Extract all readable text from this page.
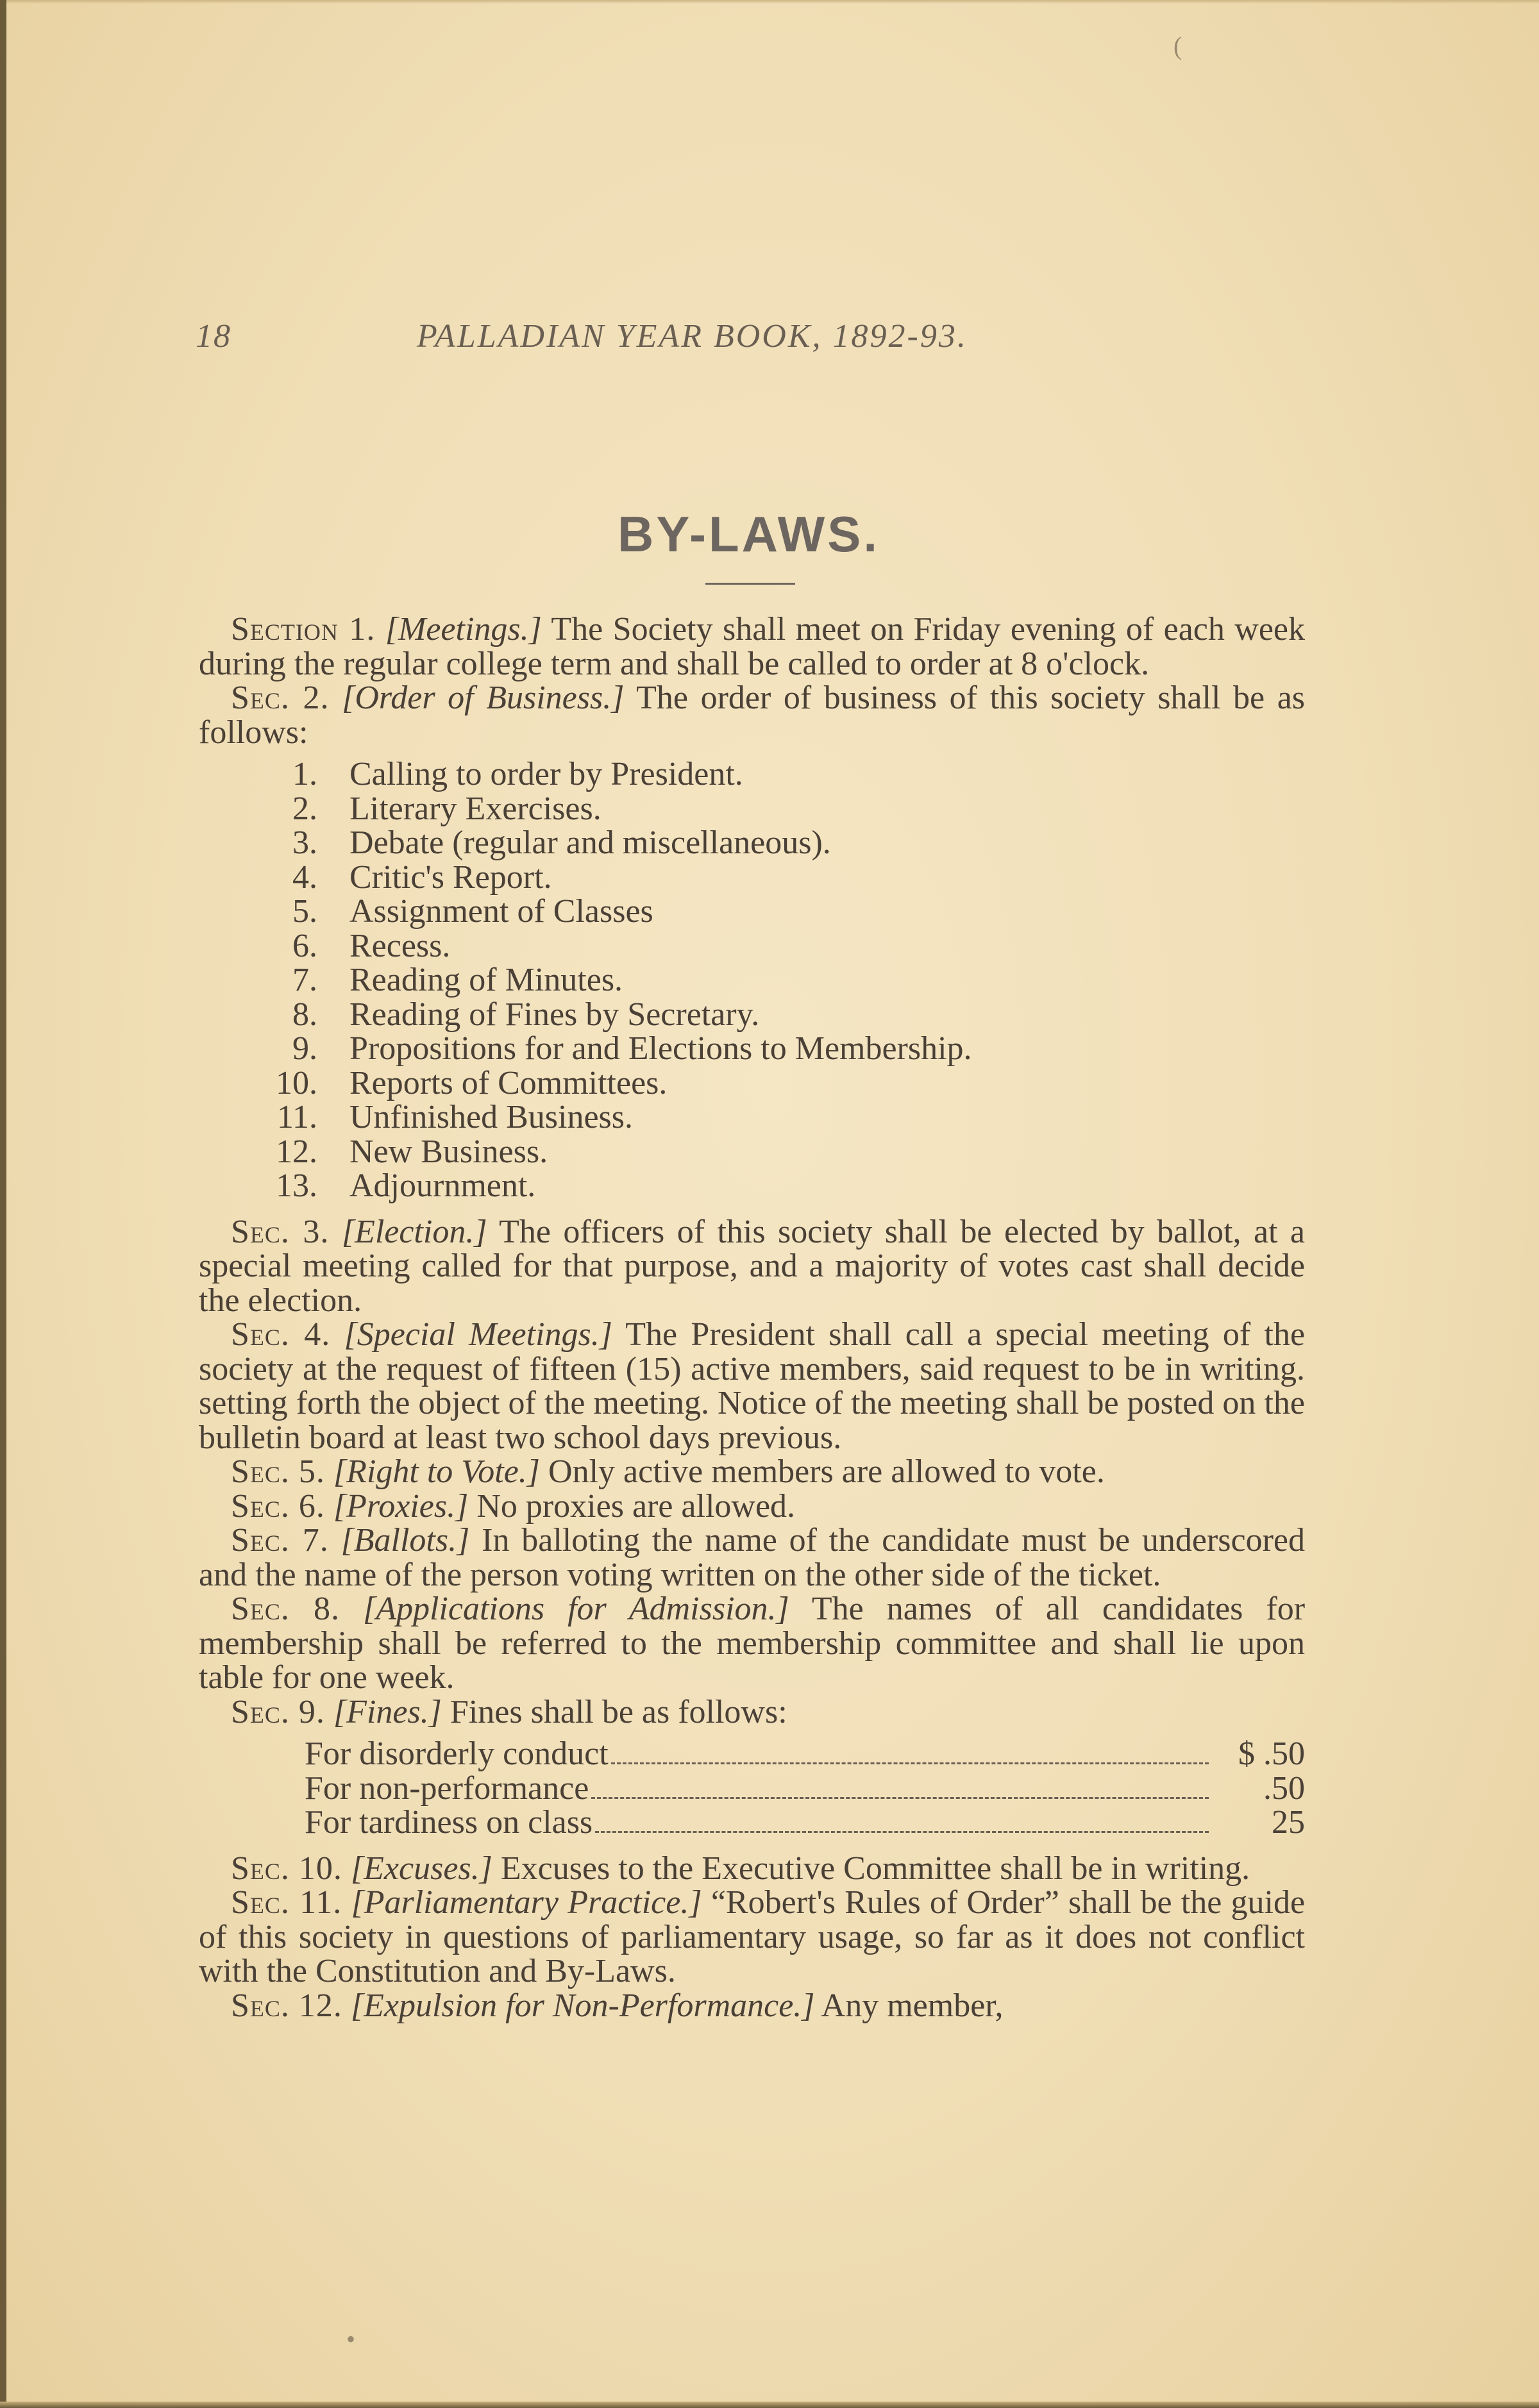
18	PALLADIAN YEAR BOOK, 1892-93.
BY-LAWS.

Section 1. [Meetings.] The Society shall meet on Friday evening of each week during the regular college term and shall be called to order at 8 o'clock.

Sec. 2. [Order of Business.] The order of business of this society shall be as follows:

1. Calling to order by President.
2. Literary Exercises.
3. Debate (regular and miscellaneous).
4. Critic's Report.
5. Assignment of Classes
6. Recess.
7. Reading of Minutes.
8. Reading of Fines by Secretary.
9. Propositions for and Elections to Membership.
10. Reports of Committees.
11. Unfinished Business.
12. New Business.
13. Adjournment.

Sec. 3. [Election.] The officers of this society shall be elected by ballot, at a special meeting called for that purpose, and a majority of votes cast shall decide the election.

Sec. 4. [Special Meetings.] The President shall call a special meeting of the society at the request of fifteen (15) active members, said request to be in writing. setting forth the object of the meeting. Notice of the meeting shall be posted on the bulletin board at least two school days previous.

Sec. 5. [Right to Vote.] Only active members are allowed to vote.

Sec. 6. [Proxies.] No proxies are allowed.

Sec. 7. [Ballots.] In balloting the name of the candidate must be underscored and the name of the person voting written on the other side of the ticket.

Sec. 8. [Applications for Admission.] The names of all candidates for membership shall be referred to the membership committee and shall lie upon table for one week.

Sec. 9. [Fines.] Fines shall be as follows:

For disorderly conduct	$ .50
For non-performance	.50
For tardiness on class	25

Sec. 10. [Excuses.] Excuses to the Executive Committee shall be in writing.

Sec. 11. [Parliamentary Practice.] “Robert's Rules of Order” shall be the guide of this society in questions of parliamentary usage, so far as it does not conflict with the Constitution and By-Laws.

Sec. 12. [Expulsion for Non-Performance.] Any member,

(
•
